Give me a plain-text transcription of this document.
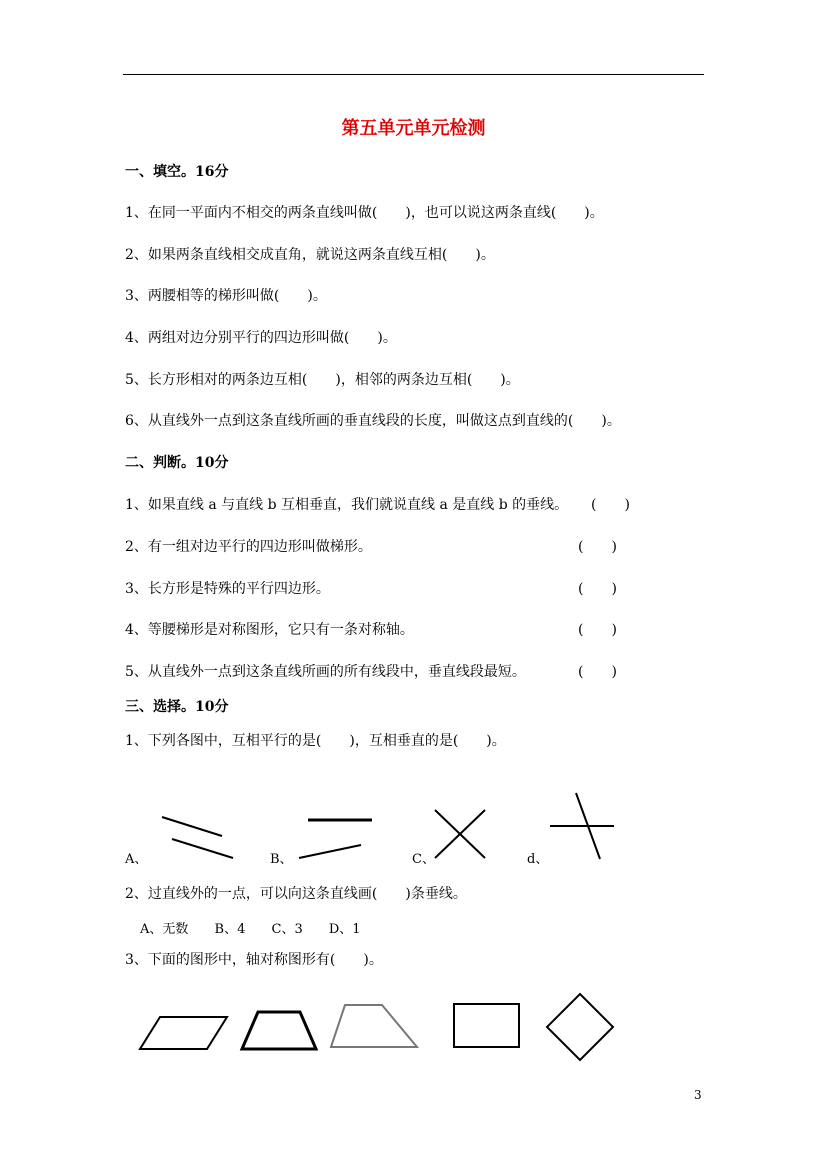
第五单元单元检测
一、填空。16分
1、在同一平面内不相交的两条直线叫做(　　)，也可以说这两条直线(　　)。
2、如果两条直线相交成直角，就说这两条直线互相(　　)。
3、两腰相等的梯形叫做(　　)。
4、两组对边分别平行的四边形叫做(　　)。
5、长方形相对的两条边互相(　　)，相邻的两条边互相(　　)。
6、从直线外一点到这条直线所画的垂直线段的长度，叫做这点到直线的(　　)。
二、判断。10分
1、如果直线 a 与直线 b 互相垂直，我们就说直线 a 是直线 b 的垂线。 (　　)
2、有一组对边平行的四边形叫做梯形。	(　　)
3、长方形是特殊的平行四边形。	(　　)
4、等腰梯形是对称图形，它只有一条对称轴。	(　　)
5、从直线外一点到这条直线所画的所有线段中，垂直线段最短。	(　　)
三、选择。10分
1、下列各图中，互相平行的是(　　)，互相垂直的是(　　)。
A、	B、	C、	d、
2、过直线外的一点，可以向这条直线画(　　)条垂线。
A、无数 B、4 C、3 D、1
3、下面的图形中，轴对称图形有(　　)。
3
